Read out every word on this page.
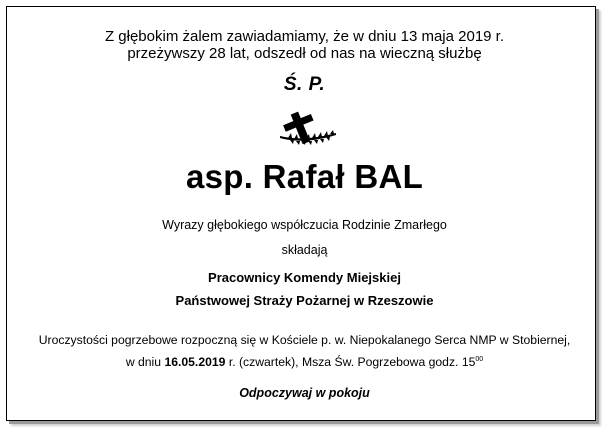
Z głębokim żalem zawiadamiamy, że w dniu 13 maja 2019 r.
przeżywszy 28 lat, odszedł od nas na wieczną służbę
Ś. P.
asp. Rafał BAL
Wyrazy głębokiego współczucia Rodzinie Zmarłego
składają
Pracownicy Komendy Miejskiej
Państwowej Straży Pożarnej w Rzeszowie
Uroczystości pogrzebowe rozpoczną się w Kościele p. w. Niepokalanego Serca NMP w Stobiernej,
w dniu 16.05.2019 r. (czwartek), Msza Św. Pogrzebowa godz. $15^{00}$
Odpoczywaj w pokoju
